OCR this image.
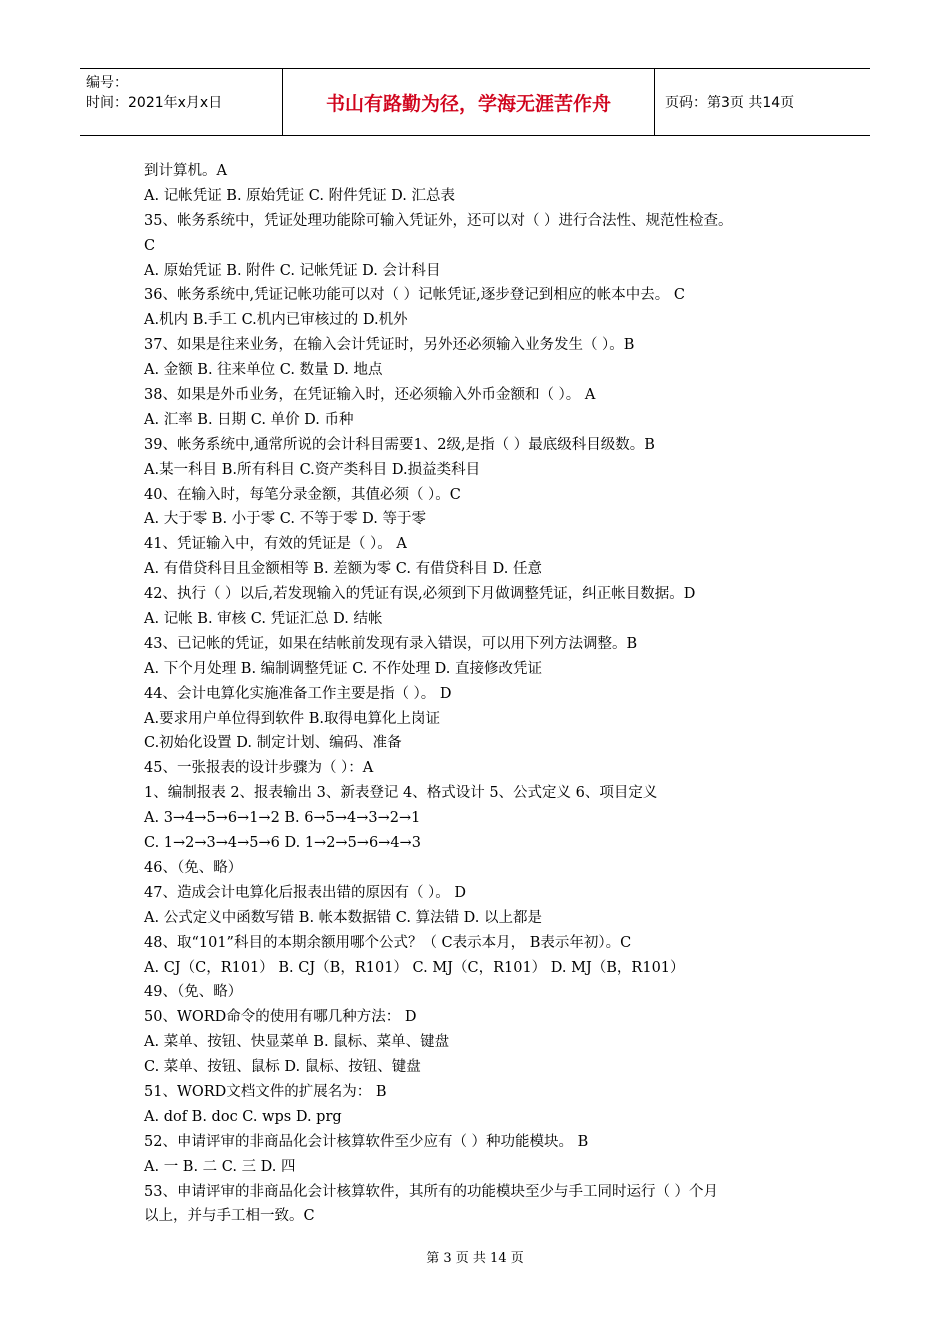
编号：
时间：2021年x月x日	书山有路勤为径，学海无涯苦作舟	页码：第3页 共14页
到计算机。A
A. 记帐凭证 B. 原始凭证 C. 附件凭证 D. 汇总表
35、帐务系统中，凭证处理功能除可输入凭证外，还可以对（ ）进行合法性、规范性检查。
C
A. 原始凭证 B. 附件 C. 记帐凭证 D. 会计科目
36、帐务系统中,凭证记帐功能可以对（ ）记帐凭证,逐步登记到相应的帐本中去。 C
A.机内 B.手工 C.机内已审核过的 D.机外
37、如果是往来业务，在输入会计凭证时，另外还必须输入业务发生（ ）。B
A. 金额 B. 往来单位 C. 数量 D. 地点
38、如果是外币业务，在凭证输入时，还必须输入外币金额和（ ）。 A
A. 汇率 B. 日期 C. 单价 D. 币种
39、帐务系统中,通常所说的会计科目需要1、2级,是指（ ）最底级科目级数。B
A.某一科目 B.所有科目 C.资产类科目 D.损益类科目
40、在输入时，每笔分录金额，其值必须（ ）。C
A. 大于零 B. 小于零 C. 不等于零 D. 等于零
41、凭证输入中，有效的凭证是（ ）。 A
A. 有借贷科目且金额相等 B. 差额为零 C. 有借贷科目 D. 任意
42、执行（ ）以后,若发现输入的凭证有误,必须到下月做调整凭证，纠正帐目数据。D
A. 记帐 B. 审核 C. 凭证汇总 D. 结帐
43、已记帐的凭证，如果在结帐前发现有录入错误，可以用下列方法调整。B
A. 下个月处理 B. 编制调整凭证 C. 不作处理 D. 直接修改凭证
44、会计电算化实施准备工作主要是指（ ）。 D
A.要求用户单位得到软件 B.取得电算化上岗证
C.初始化设置 D. 制定计划、编码、准备
45、一张报表的设计步骤为（ ）：A
1、编制报表 2、报表输出 3、新表登记 4、格式设计 5、公式定义 6、项目定义
A. 3→4→5→6→1→2 B. 6→5→4→3→2→1
C. 1→2→3→4→5→6 D. 1→2→5→6→4→3
46、（免、略）
47、造成会计电算化后报表出错的原因有（ ）。 D
A. 公式定义中函数写错 B. 帐本数据错 C. 算法错 D. 以上都是
48、取“101”科目的本期余额用哪个公式？（ C表示本月， B表示年初）。C
A. CJ（C，R101） B. CJ（B，R101） C. MJ（C，R101） D. MJ（B，R101）
49、（免、略）
50、WORD命令的使用有哪几种方法： D
A. 菜单、按钮、快显菜单 B. 鼠标、菜单、键盘
C. 菜单、按钮、鼠标 D. 鼠标、按钮、键盘
51、WORD文档文件的扩展名为： B
A. dof B. doc C. wps D. prg
52、申请评审的非商品化会计核算软件至少应有（ ）种功能模块。 B
A. 一 B. 二 C. 三 D. 四
53、申请评审的非商品化会计核算软件，其所有的功能模块至少与手工同时运行（ ）个月
以上，并与手工相一致。C
第 3 页 共 14 页
